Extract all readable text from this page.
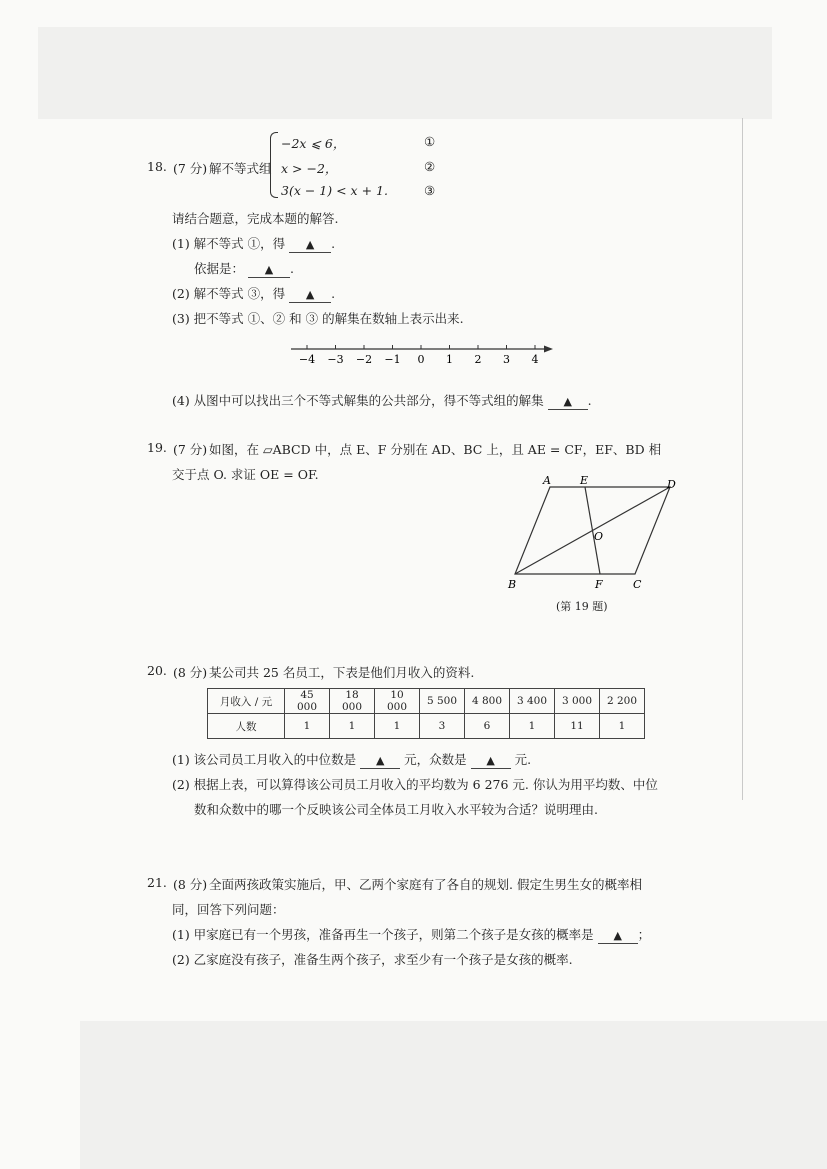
18. (7 分) 解不等式组
−2x ⩽ 6，
x > −2，
3(x − 1) < x + 1.
①
②
③
请结合题意，完成本题的解答.
(1) 解不等式 ①，得 ▲ .
依据是： ▲ .
(2) 解不等式 ③，得 ▲ .
(3) 把不等式 ①、② 和 ③ 的解集在数轴上表示出来.
−4 −3 −2 −1 0 1 2 3 4
(4) 从图中可以找出三个不等式解集的公共部分，得不等式组的解集 ▲ .
19. (7 分) 如图，在 ▱ABCD 中，点 E、F 分别在 AD、BC 上，且 AE = CF，EF、BD 相
交于点 O. 求证 OE = OF.	A	E	D
O
B	F	C
(第 19 题)
20. (8 分) 某公司共 25 名员工，下表是他们月收入的资料.
月收入 / 元	45 000	18 000	10 000	5 500	4 800	3 400	3 000	2 200
人数	1	1	1	3	6	1	11	1
(1) 该公司员工月收入的中位数是 ▲ 元，众数是 ▲ 元.
(2) 根据上表，可以算得该公司员工月收入的平均数为 6 276 元. 你认为用平均数、中位
数和众数中的哪一个反映该公司全体员工月收入水平较为合适？说明理由.
21. (8 分) 全面两孩政策实施后，甲、乙两个家庭有了各自的规划. 假定生男生女的概率相
同，回答下列问题：
(1) 甲家庭已有一个男孩，准备再生一个孩子，则第二个孩子是女孩的概率是 ▲ ；
(2) 乙家庭没有孩子，准备生两个孩子，求至少有一个孩子是女孩的概率.
